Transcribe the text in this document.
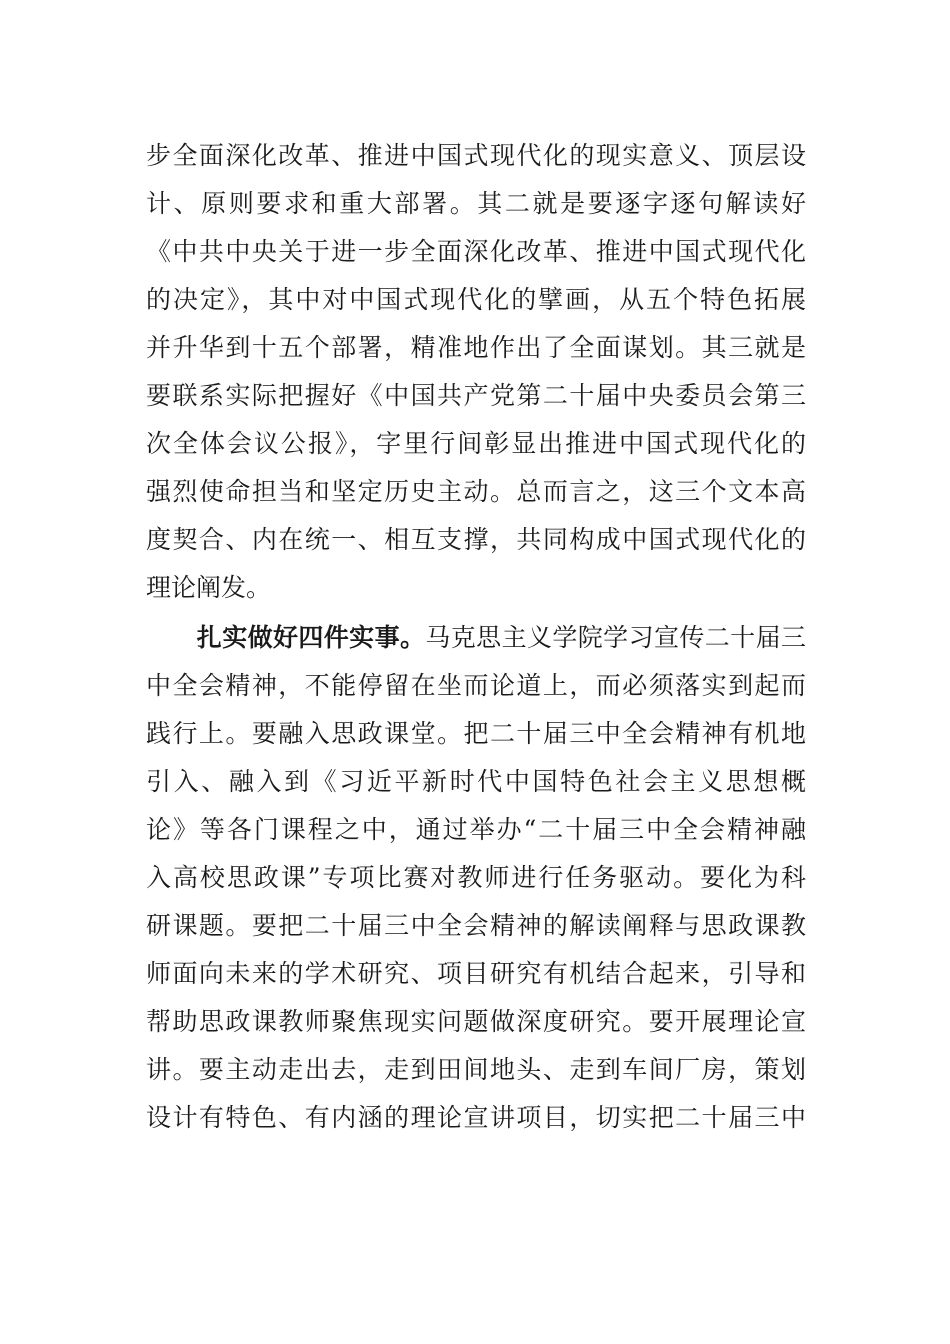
步全面深化改革、推进中国式现代化的现实意义、顶层设
计、原则要求和重大部署。其二就是要逐字逐句解读好
《中共中央关于进一步全面深化改革、推进中国式现代化
的决定》，其中对中国式现代化的擘画，从五个特色拓展
并升华到十五个部署，精准地作出了全面谋划。其三就是
要联系实际把握好《中国共产党第二十届中央委员会第三
次全体会议公报》，字里行间彰显出推进中国式现代化的
强烈使命担当和坚定历史主动。总而言之，这三个文本高
度契合、内在统一、相互支撑，共同构成中国式现代化的
理论阐发。
　　扎实做好四件实事。马克思主义学院学习宣传二十届三
中全会精神，不能停留在坐而论道上，而必须落实到起而
践行上。要融入思政课堂。把二十届三中全会精神有机地
引入、融入到《习近平新时代中国特色社会主义思想概
论》等各门课程之中，通过举办“二十届三中全会精神融
入高校思政课”专项比赛对教师进行任务驱动。要化为科
研课题。要把二十届三中全会精神的解读阐释与思政课教
师面向未来的学术研究、项目研究有机结合起来，引导和
帮助思政课教师聚焦现实问题做深度研究。要开展理论宣
讲。要主动走出去，走到田间地头、走到车间厂房，策划
设计有特色、有内涵的理论宣讲项目，切实把二十届三中
